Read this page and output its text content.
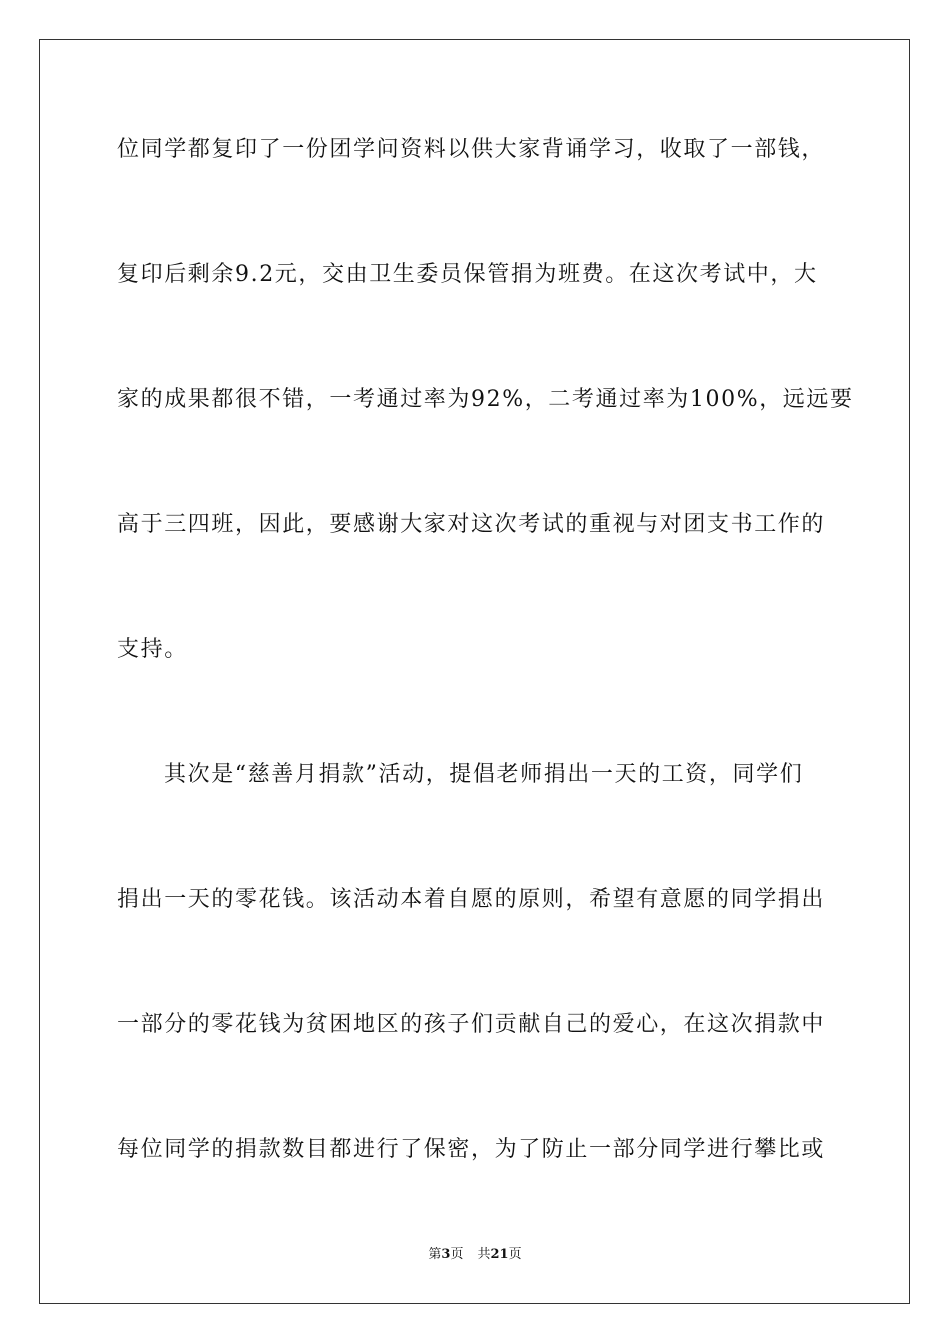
位同学都复印了一份团学问资料以供大家背诵学习，收取了一部钱，
复印后剩余9.2元，交由卫生委员保管捐为班费。在这次考试中，大
家的成果都很不错，一考通过率为92%，二考通过率为100%，远远要
高于三四班，因此，要感谢大家对这次考试的重视与对团支书工作的
支持。
其次是“慈善月捐款”活动，提倡老师捐出一天的工资，同学们
捐出一天的零花钱。该活动本着自愿的原则，希望有意愿的同学捐出
一部分的零花钱为贫困地区的孩子们贡献自己的爱心，在这次捐款中
每位同学的捐款数目都进行了保密，为了防止一部分同学进行攀比或
第3页 共21页
